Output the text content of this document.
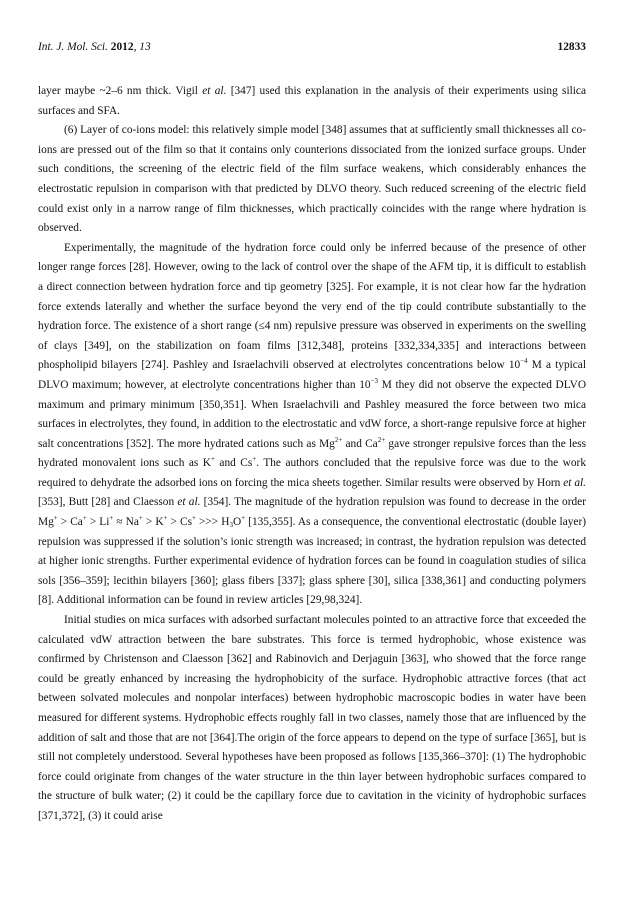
Int. J. Mol. Sci. 2012, 13	12833

layer maybe ~2–6 nm thick. Vigil et al. [347] used this explanation in the analysis of their experiments using silica surfaces and SFA.

(6) Layer of co-ions model: this relatively simple model [348] assumes that at sufficiently small thicknesses all co-ions are pressed out of the film so that it contains only counterions dissociated from the ionized surface groups. Under such conditions, the screening of the electric field of the film surface weakens, which considerably enhances the electrostatic repulsion in comparison with that predicted by DLVO theory. Such reduced screening of the electric field could exist only in a narrow range of film thicknesses, which practically coincides with the range where hydration is observed.

Experimentally, the magnitude of the hydration force could only be inferred because of the presence of other longer range forces [28]. However, owing to the lack of control over the shape of the AFM tip, it is difficult to establish a direct connection between hydration force and tip geometry [325]. For example, it is not clear how far the hydration force extends laterally and whether the surface beyond the very end of the tip could contribute substantially to the hydration force. The existence of a short range (≤4 nm) repulsive pressure was observed in experiments on the swelling of clays [349], on the stabilization on foam films [312,348], proteins [332,334,335] and interactions between phospholipid bilayers [274]. Pashley and Israelachvili observed at electrolytes concentrations below $10^{-4}$ M a typical DLVO maximum; however, at electrolyte concentrations higher than $10^{-3}$ M they did not observe the expected DLVO maximum and primary minimum [350,351]. When Israelachvili and Pashley measured the force between two mica surfaces in electrolytes, they found, in addition to the electrostatic and vdW force, a short-range repulsive force at higher salt concentrations [352]. The more hydrated cations such as $Mg^{2+}$ and $Ca^{2+}$ gave stronger repulsive forces than the less hydrated monovalent ions such as K+ and Cs+. The authors concluded that the repulsive force was due to the work required to dehydrate the adsorbed ions on forcing the mica sheets together. Similar results were observed by Horn et al. [353], Butt [28] and Claesson et al. [354]. The magnitude of the hydration repulsion was found to decrease in the order Mg+ > Ca+ > Li+ ≈ Na+ > K+ > Cs+ >>> $H_3O^+$ [135,355]. As a consequence, the conventional electrostatic (double layer) repulsion was suppressed if the solution’s ionic strength was increased; in contrast, the hydration repulsion was detected at higher ionic strengths. Further experimental evidence of hydration forces can be found in coagulation studies of silica sols [356–359]; lecithin bilayers [360]; glass fibers [337]; glass sphere [30], silica [338,361] and conducting polymers [8]. Additional information can be found in review articles [29,98,324].

Initial studies on mica surfaces with adsorbed surfactant molecules pointed to an attractive force that exceeded the calculated vdW attraction between the bare substrates. This force is termed hydrophobic, whose existence was confirmed by Christenson and Claesson [362] and Rabinovich and Derjaguin [363], who showed that the force range could be greatly enhanced by increasing the hydrophobicity of the surface. Hydrophobic attractive forces (that act between solvated molecules and nonpolar interfaces) between hydrophobic macroscopic bodies in water have been measured for different systems. Hydrophobic effects roughly fall in two classes, namely those that are influenced by the addition of salt and those that are not [364].The origin of the force appears to depend on the type of surface [365], but is still not completely understood. Several hypotheses have been proposed as follows [135,366–370]: (1) The hydrophobic force could originate from changes of the water structure in the thin layer between hydrophobic surfaces compared to the structure of bulk water; (2) it could be the capillary force due to cavitation in the vicinity of hydrophobic surfaces [371,372], (3) it could arise
